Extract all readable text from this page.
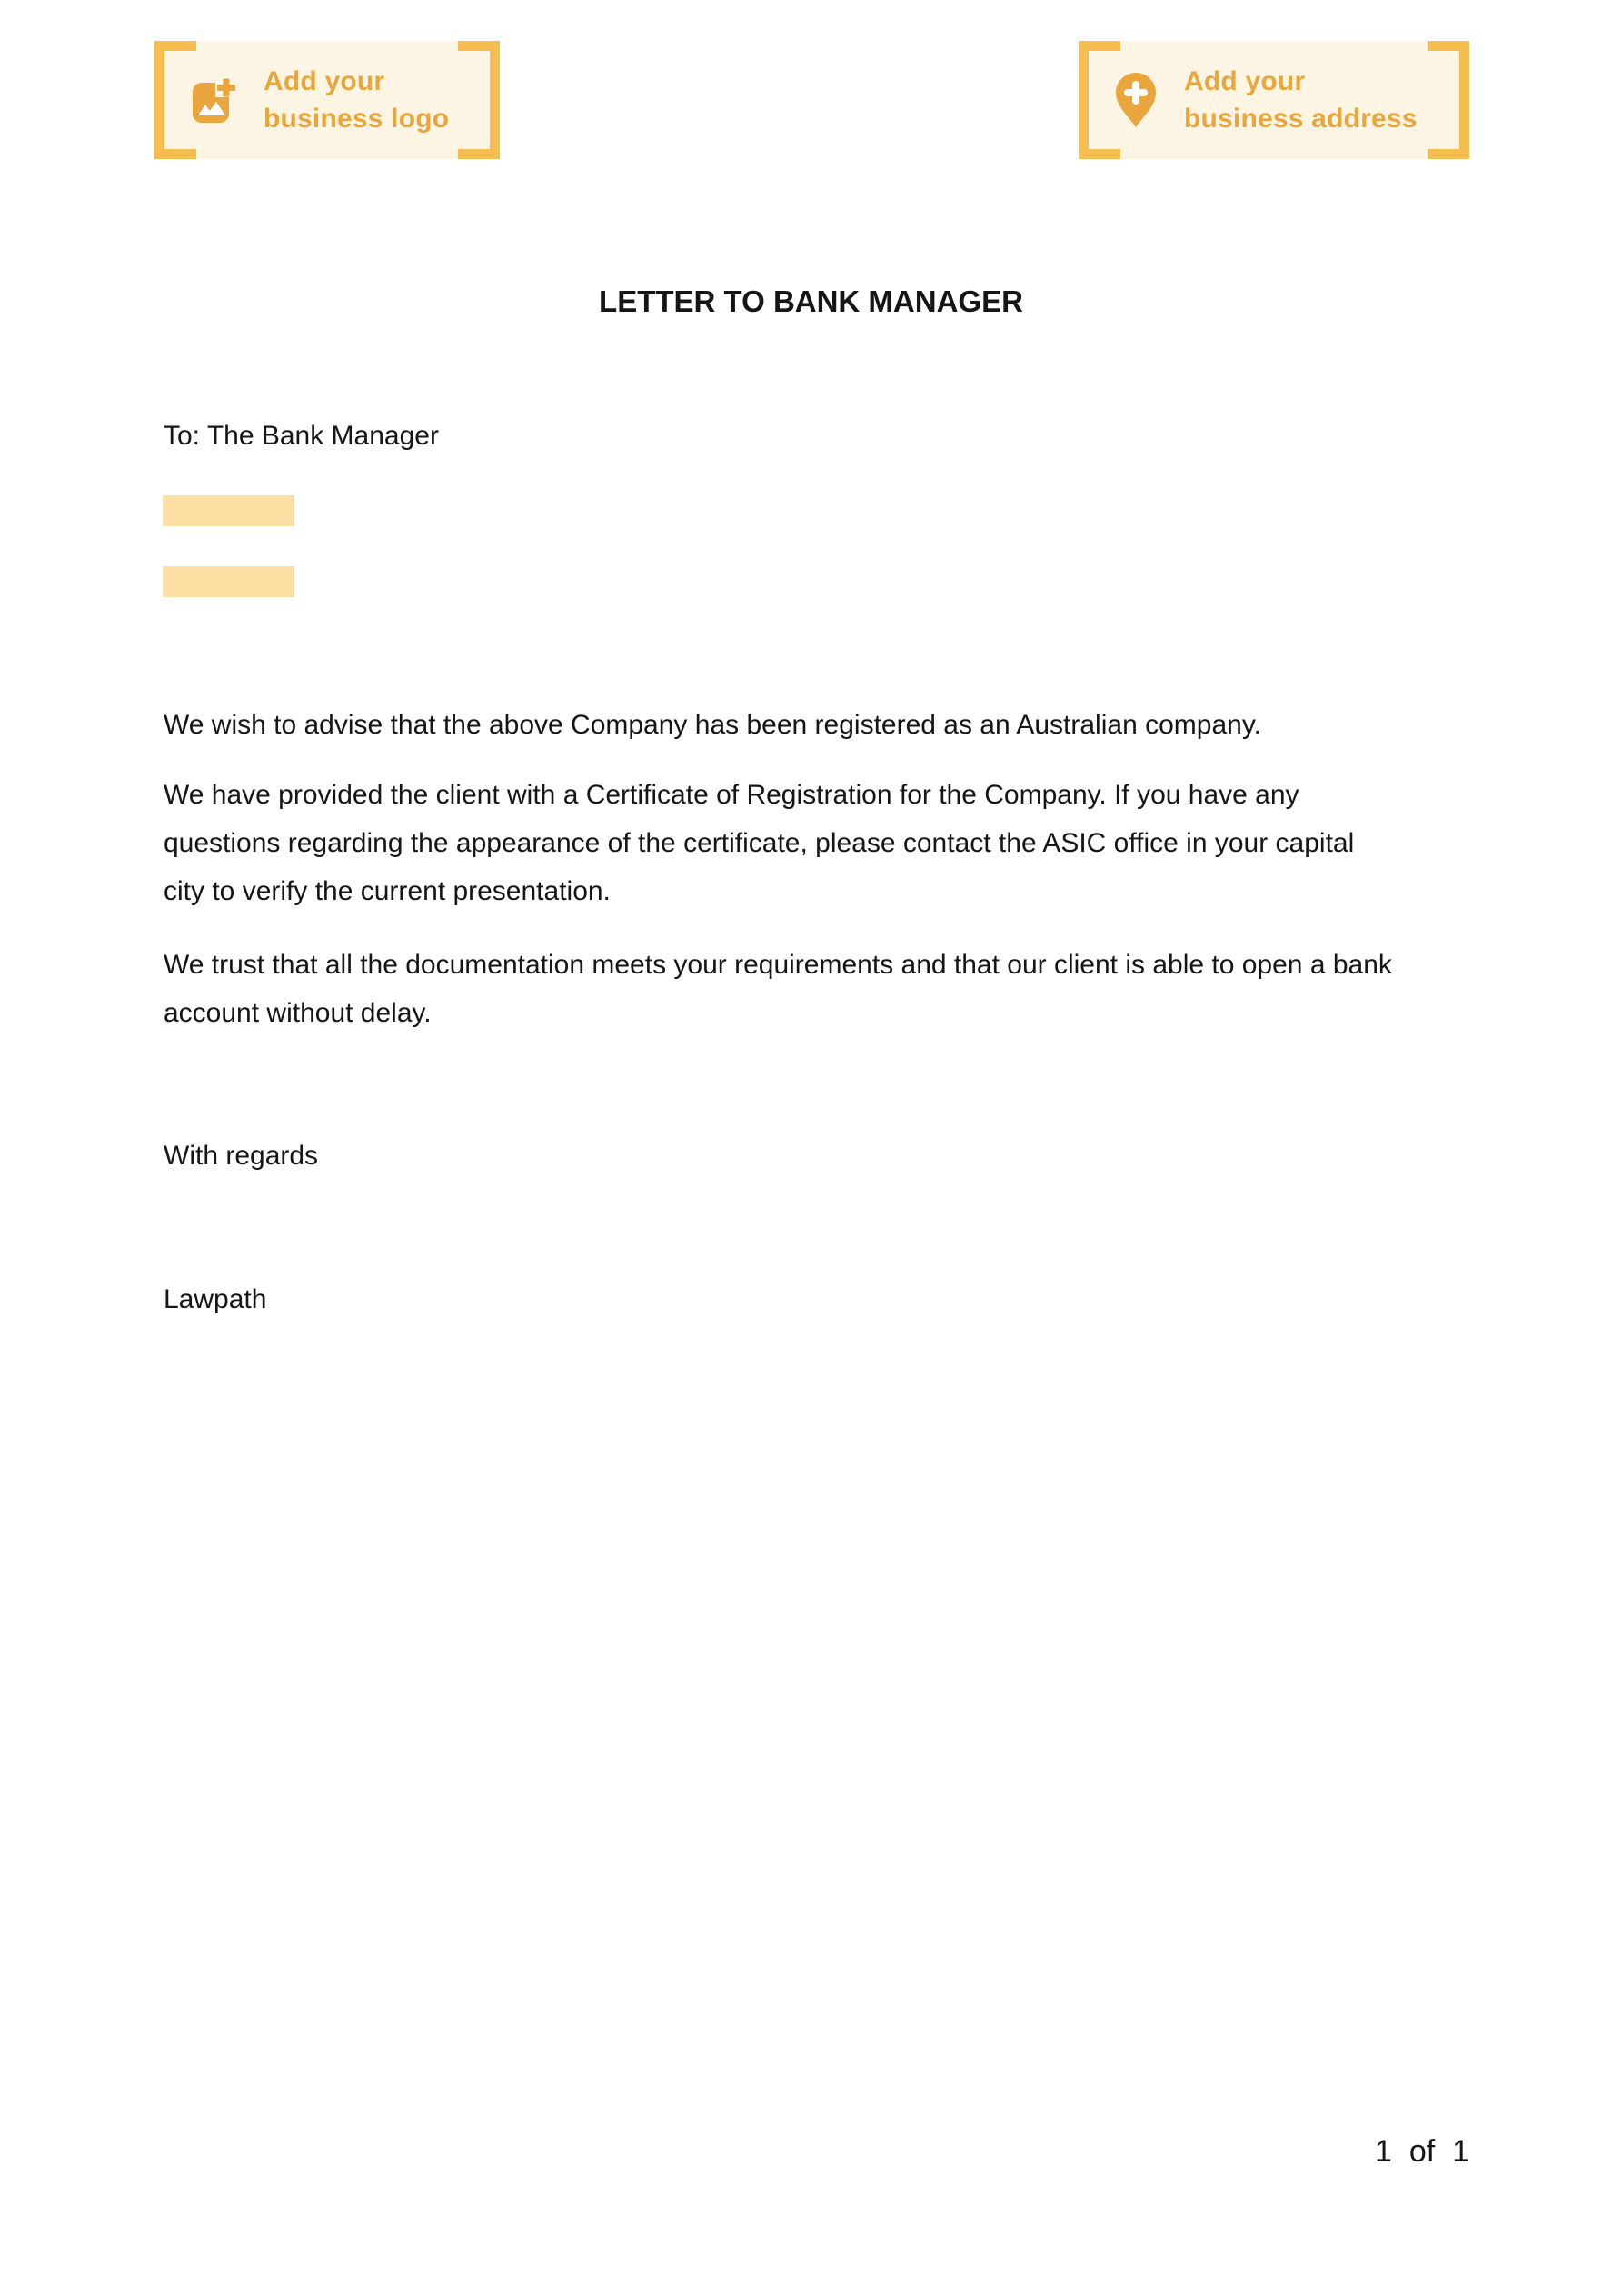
Add your
business logo
Add your
business address
LETTER TO BANK MANAGER
To: The Bank Manager
We wish to advise that the above Company has been registered as an Australian company.
We have provided the client with a Certificate of Registration for the Company. If you have any
questions regarding the appearance of the certificate, please contact the ASIC office in your capital
city to verify the current presentation.
We trust that all the documentation meets your requirements and that our client is able to open a bank
account without delay.
With regards
Lawpath
1  of  1
